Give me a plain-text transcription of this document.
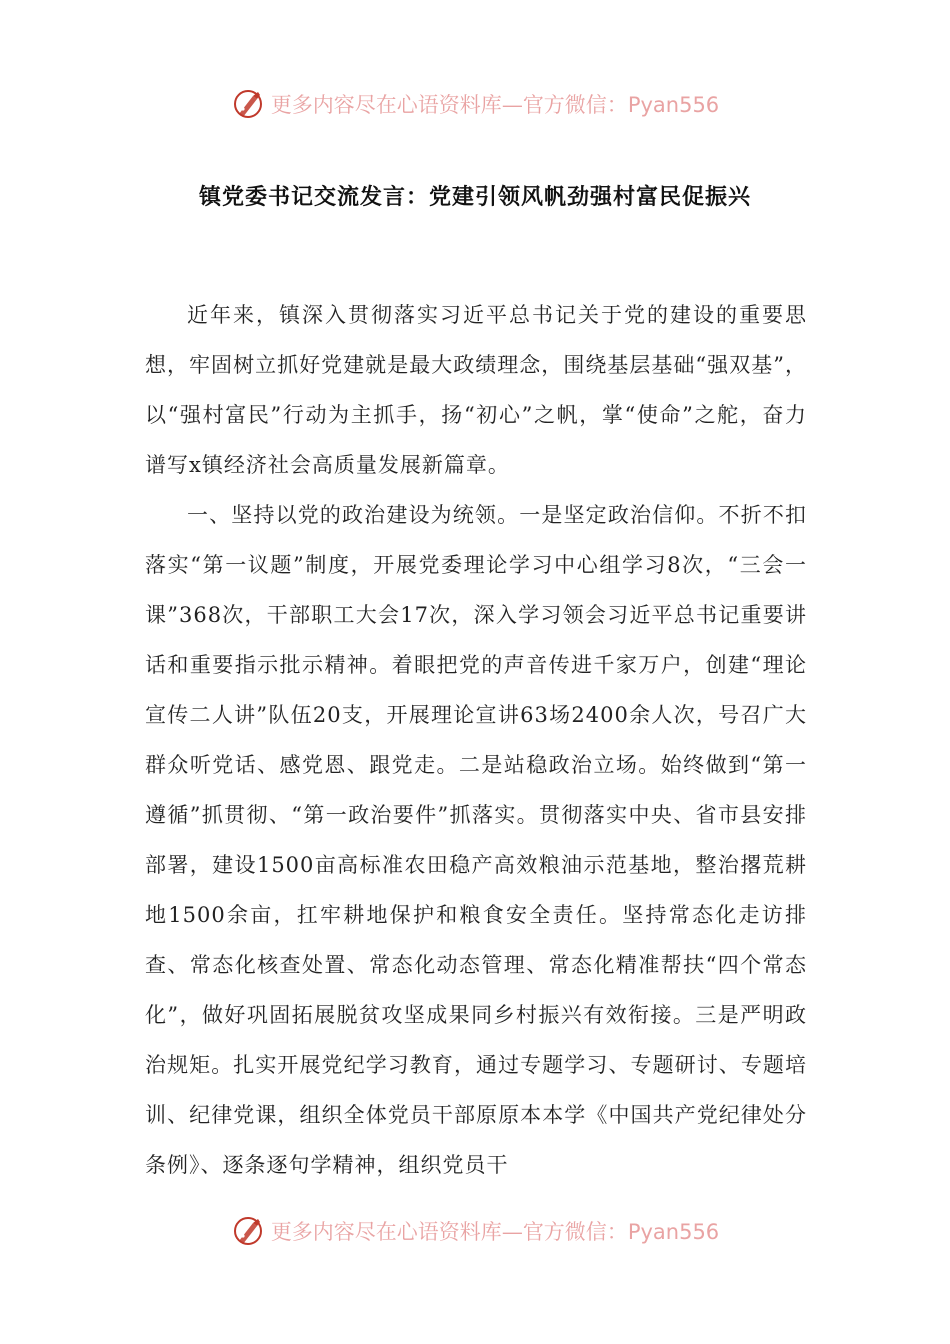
更多内容尽在心语资料库—官方微信：Pyan556
镇党委书记交流发言：党建引领风帆劲强村富民促振兴

近年来，镇深入贯彻落实习近平总书记关于党的建设的重要思想，牢固树立抓好党建就是最大政绩理念，围绕基层基础“强双基”，以“强村富民”行动为主抓手，扬“初心”之帆，掌“使命”之舵，奋力谱写x镇经济社会高质量发展新篇章。

一、坚持以党的政治建设为统领。一是坚定政治信仰。不折不扣落实“第一议题”制度，开展党委理论学习中心组学习8次，“三会一课”368次，干部职工大会17次，深入学习领会习近平总书记重要讲话和重要指示批示精神。着眼把党的声音传进千家万户，创建“理论宣传二人讲”队伍20支，开展理论宣讲63场2400余人次，号召广大群众听党话、感党恩、跟党走。二是站稳政治立场。始终做到“第一遵循”抓贯彻、“第一政治要件”抓落实。贯彻落实中央、省市县安排部署，建设1500亩高标准农田稳产高效粮油示范基地，整治撂荒耕地1500余亩，扛牢耕地保护和粮食安全责任。坚持常态化走访排查、常态化核查处置、常态化动态管理、常态化精准帮扶“四个常态化”，做好巩固拓展脱贫攻坚成果同乡村振兴有效衔接。三是严明政治规矩。扎实开展党纪学习教育，通过专题学习、专题研讨、专题培训、纪律党课，组织全体党员干部原原本本学《中国共产党纪律处分条例》、逐条逐句学精神，组织党员干

更多内容尽在心语资料库—官方微信：Pyan556
